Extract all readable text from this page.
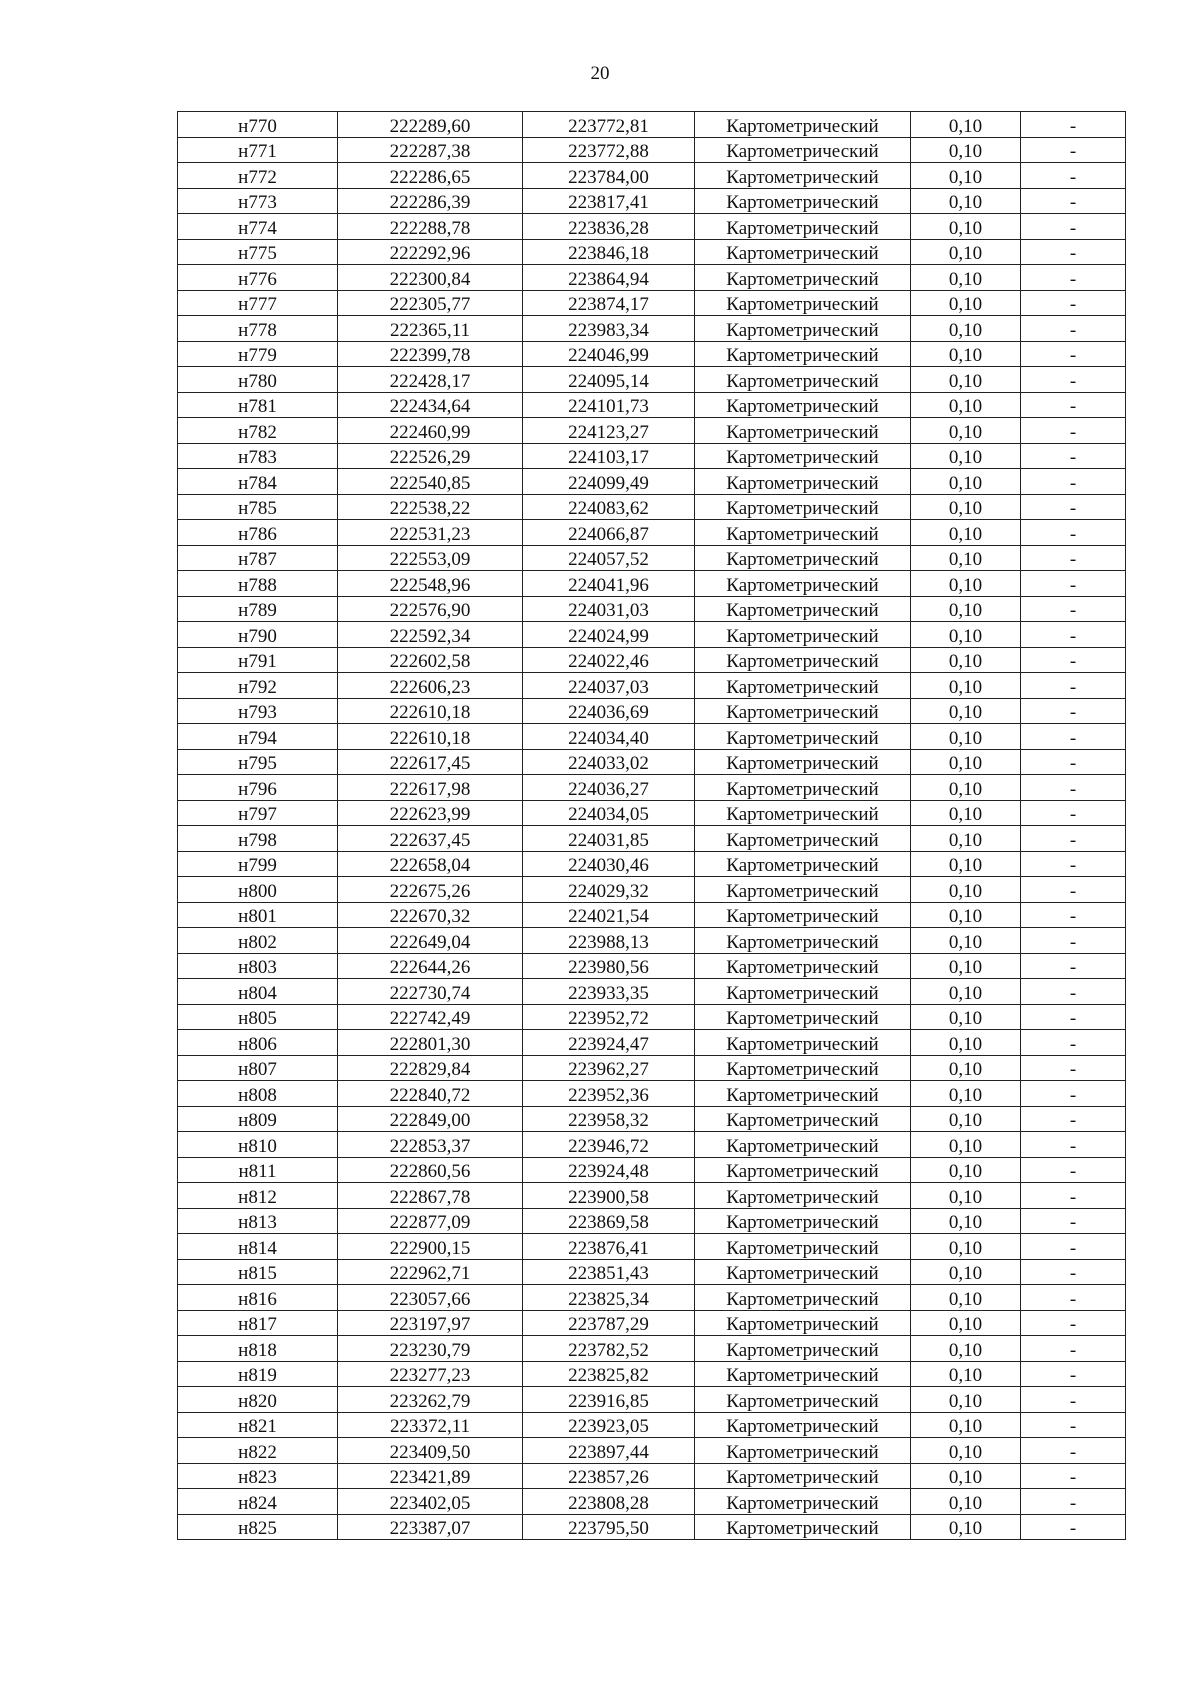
20
н770	222289,60	223772,81	Картометрический	0,10	-
н771	222287,38	223772,88	Картометрический	0,10	-
н772	222286,65	223784,00	Картометрический	0,10	-
н773	222286,39	223817,41	Картометрический	0,10	-
н774	222288,78	223836,28	Картометрический	0,10	-
н775	222292,96	223846,18	Картометрический	0,10	-
н776	222300,84	223864,94	Картометрический	0,10	-
н777	222305,77	223874,17	Картометрический	0,10	-
н778	222365,11	223983,34	Картометрический	0,10	-
н779	222399,78	224046,99	Картометрический	0,10	-
н780	222428,17	224095,14	Картометрический	0,10	-
н781	222434,64	224101,73	Картометрический	0,10	-
н782	222460,99	224123,27	Картометрический	0,10	-
н783	222526,29	224103,17	Картометрический	0,10	-
н784	222540,85	224099,49	Картометрический	0,10	-
н785	222538,22	224083,62	Картометрический	0,10	-
н786	222531,23	224066,87	Картометрический	0,10	-
н787	222553,09	224057,52	Картометрический	0,10	-
н788	222548,96	224041,96	Картометрический	0,10	-
н789	222576,90	224031,03	Картометрический	0,10	-
н790	222592,34	224024,99	Картометрический	0,10	-
н791	222602,58	224022,46	Картометрический	0,10	-
н792	222606,23	224037,03	Картометрический	0,10	-
н793	222610,18	224036,69	Картометрический	0,10	-
н794	222610,18	224034,40	Картометрический	0,10	-
н795	222617,45	224033,02	Картометрический	0,10	-
н796	222617,98	224036,27	Картометрический	0,10	-
н797	222623,99	224034,05	Картометрический	0,10	-
н798	222637,45	224031,85	Картометрический	0,10	-
н799	222658,04	224030,46	Картометрический	0,10	-
н800	222675,26	224029,32	Картометрический	0,10	-
н801	222670,32	224021,54	Картометрический	0,10	-
н802	222649,04	223988,13	Картометрический	0,10	-
н803	222644,26	223980,56	Картометрический	0,10	-
н804	222730,74	223933,35	Картометрический	0,10	-
н805	222742,49	223952,72	Картометрический	0,10	-
н806	222801,30	223924,47	Картометрический	0,10	-
н807	222829,84	223962,27	Картометрический	0,10	-
н808	222840,72	223952,36	Картометрический	0,10	-
н809	222849,00	223958,32	Картометрический	0,10	-
н810	222853,37	223946,72	Картометрический	0,10	-
н811	222860,56	223924,48	Картометрический	0,10	-
н812	222867,78	223900,58	Картометрический	0,10	-
н813	222877,09	223869,58	Картометрический	0,10	-
н814	222900,15	223876,41	Картометрический	0,10	-
н815	222962,71	223851,43	Картометрический	0,10	-
н816	223057,66	223825,34	Картометрический	0,10	-
н817	223197,97	223787,29	Картометрический	0,10	-
н818	223230,79	223782,52	Картометрический	0,10	-
н819	223277,23	223825,82	Картометрический	0,10	-
н820	223262,79	223916,85	Картометрический	0,10	-
н821	223372,11	223923,05	Картометрический	0,10	-
н822	223409,50	223897,44	Картометрический	0,10	-
н823	223421,89	223857,26	Картометрический	0,10	-
н824	223402,05	223808,28	Картометрический	0,10	-
н825	223387,07	223795,50	Картометрический	0,10	-
